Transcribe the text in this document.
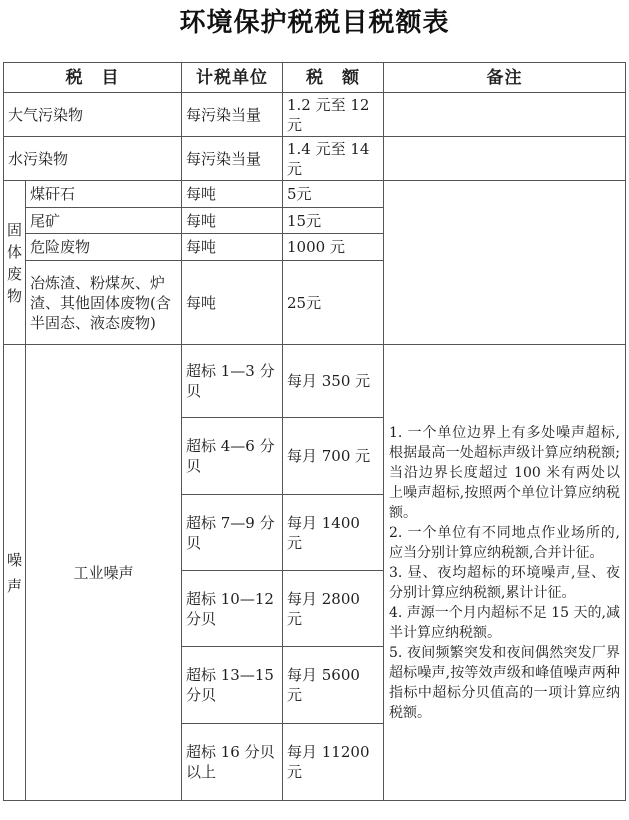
环境保护税税目税额表
税　目		计税单位	税　额	备注
大气污染物		每污染当量	1.2 元至 12元	
水污染物		每污染当量	1.4 元至 14元	
固体废物	煤矸石	每吨	5元	
	尾矿	每吨	15元	
	危险废物	每吨	1000 元	
	冶炼渣、粉煤灰、炉渣、其他固体废物(含半固态、液态废物)	每吨	25元	
噪声	工业噪声	超标 1—3 分贝	每月 350 元	1. 一个单位边界上有多处噪声超标,根据最高一处超标声级计算应纳税额;当沿边界长度超过 100 米有两处以上噪声超标,按照两个单位计算应纳税额。
2. 一个单位有不同地点作业场所的,应当分别计算应纳税额,合并计征。
3. 昼、夜均超标的环境噪声,昼、夜分别计算应纳税额,累计计征。
4. 声源一个月内超标不足 15 天的,减半计算应纳税额。
5. 夜间频繁突发和夜间偶然突发厂界超标噪声,按等效声级和峰值噪声两种指标中超标分贝值高的一项计算应纳税额。

		超标 4—6 分贝	每月 700 元	
		超标 7—9 分贝	每月 1400 元	
		超标 10—12 分贝	每月 2800 元	
		超标 13—15 分贝	每月 5600 元	
		超标 16 分贝以上	每月 11200 元	
